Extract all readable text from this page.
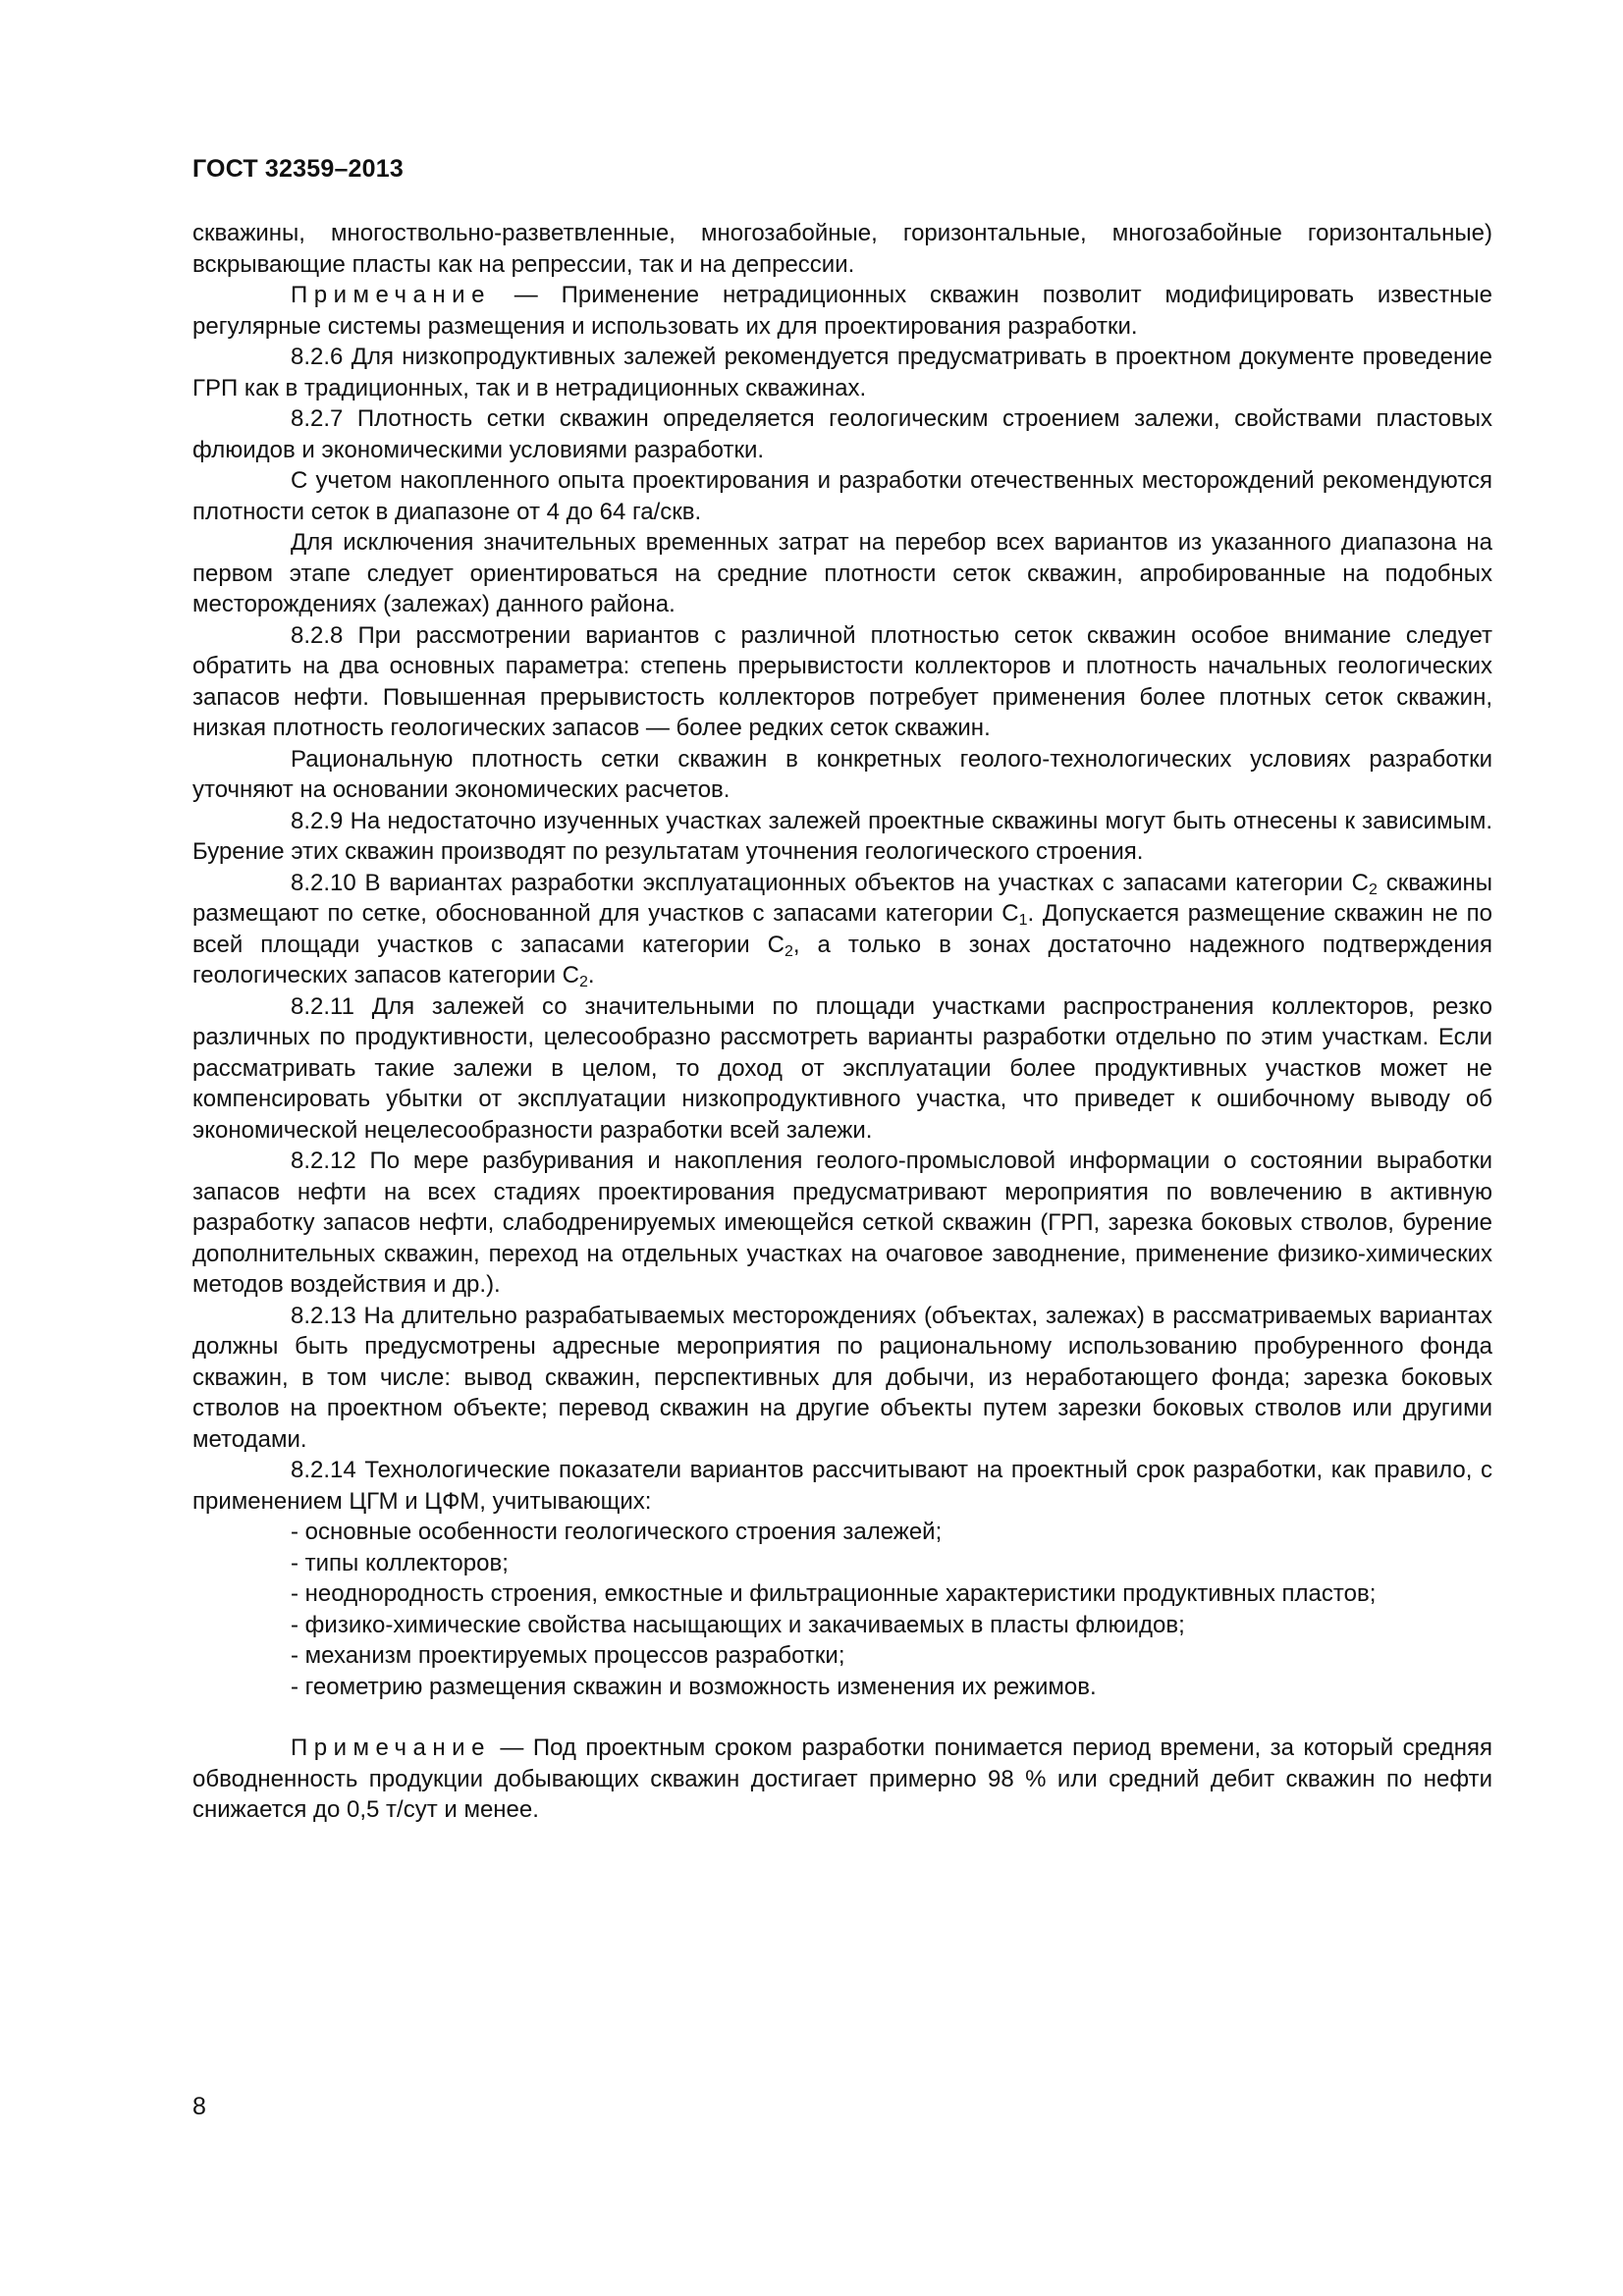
ГОСТ 32359–2013

скважины, многоствольно-разветвленные, многозабойные, горизонтальные, многозабойные горизонтальные) вскрывающие пласты как на репрессии, так и на депрессии.

Примечание — Применение нетрадиционных скважин позволит модифицировать известные регулярные системы размещения и использовать их для проектирования разработки.

8.2.6 Для низкопродуктивных залежей рекомендуется предусматривать в проектном документе проведение ГРП как в традиционных, так и в нетрадиционных скважинах.

8.2.7 Плотность сетки скважин определяется геологическим строением залежи, свойствами пластовых флюидов и экономическими условиями разработки.

С учетом накопленного опыта проектирования и разработки отечественных месторождений рекомендуются плотности сеток в диапазоне от 4 до 64 га/скв.

Для исключения значительных временных затрат на перебор всех вариантов из указанного диапазона на первом этапе следует ориентироваться на средние плотности сеток скважин, апробированные на подобных месторождениях (залежах) данного района.

8.2.8 При рассмотрении вариантов с различной плотностью сеток скважин особое внимание следует обратить на два основных параметра: степень прерывистости коллекторов и плотность начальных геологических запасов нефти. Повышенная прерывистость коллекторов потребует применения более плотных сеток скважин, низкая плотность геологических запасов — более редких сеток скважин.

Рациональную плотность сетки скважин в конкретных геолого-технологических условиях разработки уточняют на основании экономических расчетов.

8.2.9 На недостаточно изученных участках залежей проектные скважины могут быть отнесены к зависимым. Бурение этих скважин производят по результатам уточнения геологического строения.

8.2.10 В вариантах разработки эксплуатационных объектов на участках с запасами категории $С_2$ скважины размещают по сетке, обоснованной для участков с запасами категории $С_1$. Допускается размещение скважин не по всей площади участков с запасами категории $С_2$, а только в зонах достаточно надежного подтверждения геологических запасов категории $С_2$.

8.2.11 Для залежей со значительными по площади участками распространения коллекторов, резко различных по продуктивности, целесообразно рассмотреть варианты разработки отдельно по этим участкам. Если рассматривать такие залежи в целом, то доход от эксплуатации более продуктивных участков может не компенсировать убытки от эксплуатации низкопродуктивного участка, что приведет к ошибочному выводу об экономической нецелесообразности разработки всей залежи.

8.2.12 По мере разбуривания и накопления геолого-промысловой информации о состоянии выработки запасов нефти на всех стадиях проектирования предусматривают мероприятия по вовлечению в активную разработку запасов нефти, слабодренируемых имеющейся сеткой скважин (ГРП, зарезка боковых стволов, бурение дополнительных скважин, переход на отдельных участках на очаговое заводнение, применение физико-химических методов воздействия и др.).

8.2.13 На длительно разрабатываемых месторождениях (объектах, залежах) в рассматриваемых вариантах должны быть предусмотрены адресные мероприятия по рациональному использованию пробуренного фонда скважин, в том числе: вывод скважин, перспективных для добычи, из неработающего фонда; зарезка боковых стволов на проектном объекте; перевод скважин на другие объекты путем зарезки боковых стволов или другими методами.

8.2.14 Технологические показатели вариантов рассчитывают на проектный срок разработки, как правило, с применением ЦГМ и ЦФМ, учитывающих:

- основные особенности геологического строения залежей;

- типы коллекторов;

- неоднородность строения, емкостные и фильтрационные характеристики продуктивных пластов;

- физико-химические свойства насыщающих и закачиваемых в пласты флюидов;

- механизм проектируемых процессов разработки;

- геометрию размещения скважин и возможность изменения их режимов.

Примечание — Под проектным сроком разработки понимается период времени, за который средняя обводненность продукции добывающих скважин достигает примерно 98 % или средний дебит скважин по нефти снижается до 0,5 т/сут и менее.

8
